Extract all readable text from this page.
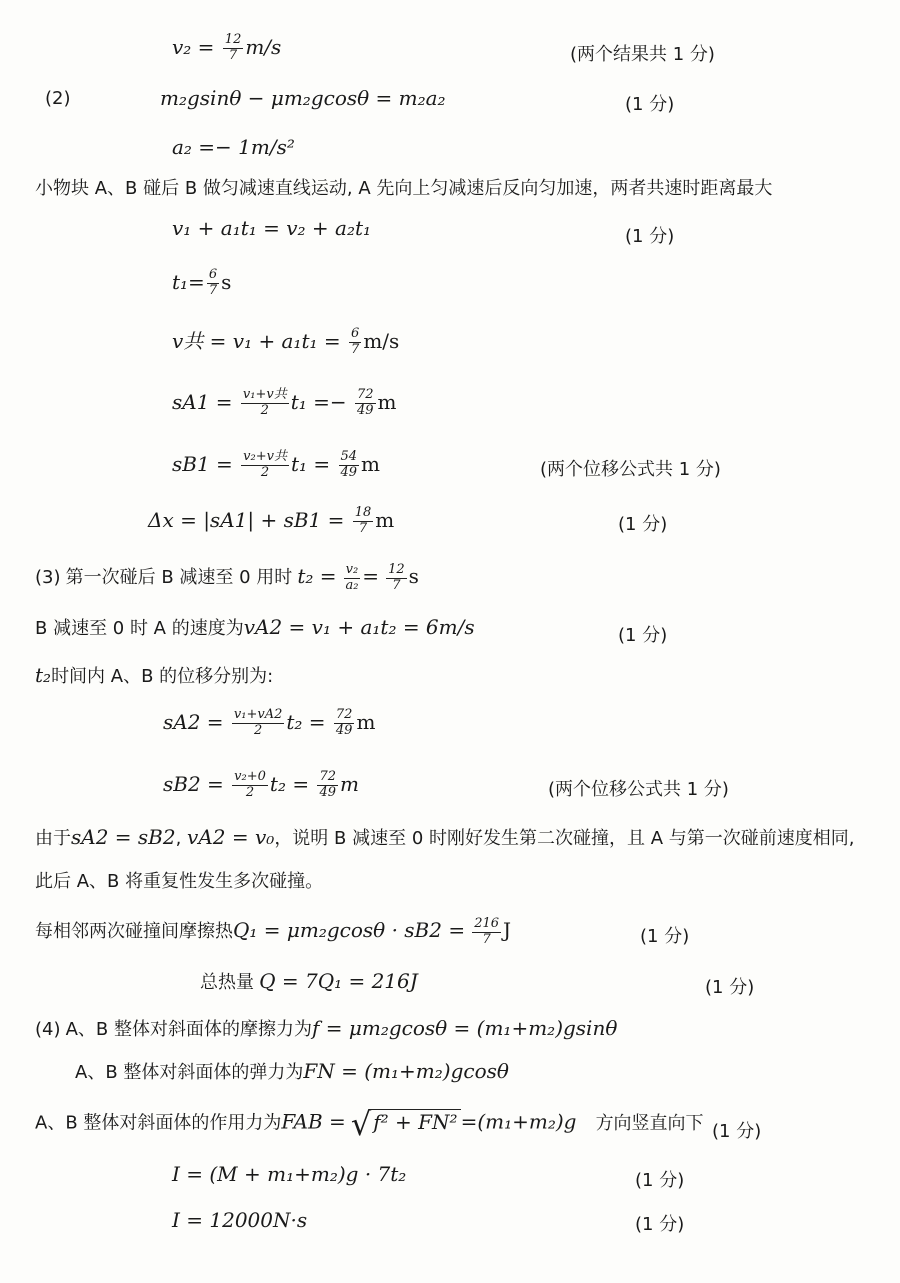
$v_2 = \frac{12}{7} m/s$	(两个结果共 1 分)
(2)	m₂gsinθ − μm₂gcosθ = m₂a₂	(1 分)
a₂ =− 1m/s²
小物块 A、B 碰后 B 做匀减速直线运动, A 先向上匀减速后反向匀加速，两者共速时距离最大
v₁ + a₁t₁ = v₂ + a₂t₁	(1 分)
$t_1= \frac{6}{7}$ s
v共 = $v_1 + a_1t_1 = \frac{6}{7} m/s$
$sA1 = \frac{\text{v₁+v共}}{2} t_1 =- \frac{72}{49}$ m
$sB1 = \frac{\text{v₂+v共}}{2} t_1 = \frac{54}{49}$ m	(两个位移公式共 1 分)
$\Delta x = |sA1| + sB1 = \frac{18}{7}$ m	(1 分)
(3) 第一次碰后 B 减速至 0 用时 $t_2 = \frac{\text{v₂}}{\text{a₂}} = \frac{12}{7}$ s
B 减速至 0 时 A 的速度为vA2 = v₁ + a₁t₂ = 6m/s	(1 分)
t₂时间内 A、B 的位移分别为:
$sA2 = \frac{\text{v₁+vA2}}{2} t_2 = \frac{72}{49}$ m
$sB2 = \frac{\text{v₂+0}}{2} t_2 = \frac{72}{49}$ m	(两个位移公式共 1 分)
由于sA2 = sB2, vA2 = v₀，说明 B 减速至 0 时刚好发生第二次碰撞，且 A 与第一次碰前速度相同,
此后 A、B 将重复性发生多次碰撞。
每相邻两次碰撞间摩擦热$Q_1 = \mu m_2gcos\theta \cdot sB2 = \frac{216}{7}$ J	(1 分)
总热量 Q = 7Q₁ = 216J	(1 分)
(4) A、B 整体对斜面体的摩擦力为f = μm₂gcosθ = (m₁+m₂)gsinθ
A、B 整体对斜面体的弹力为FN = (m₁+m₂)gcosθ
A、B 整体对斜面体的作用力为FAB = √ f² + FN² =(m₁+m₂)g 方向竖直向下 (1 分)
I = (M + m₁+m₂)g · 7t₂	(1 分)
I = 12000N·s	(1 分)
